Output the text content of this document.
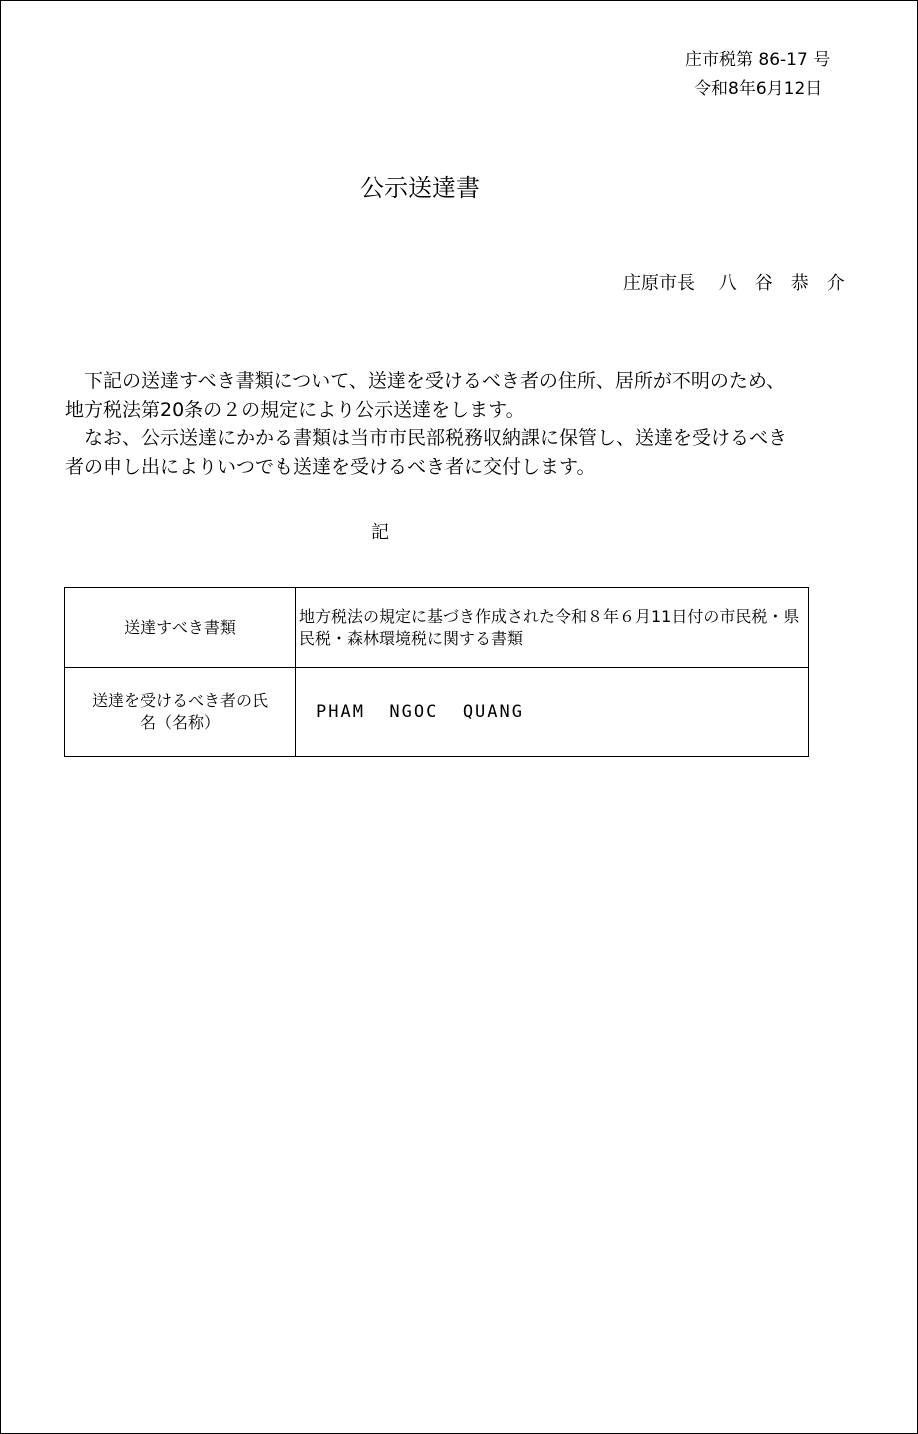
庄市税第 86-17 号
令和8年6月12日
公示送達書
庄原市長　 八　谷　恭　介

下記の送達すべき書類について、送達を受けるべき者の住所、居所が不明のため、地方税法第20条の２の規定により公示送達をします。

なお、公示送達にかかる書類は当市市民部税務収納課に保管し、送達を受けるべき者の申し出によりいつでも送達を受けるべき者に交付します。

記
送達すべき書類	地方税法の規定に基づき作成された令和８年６月11日付の市民税・県民税・森林環境税に関する書類
送達を受けるべき者の氏名（名称）	PHAM  NGOC  QUANG
